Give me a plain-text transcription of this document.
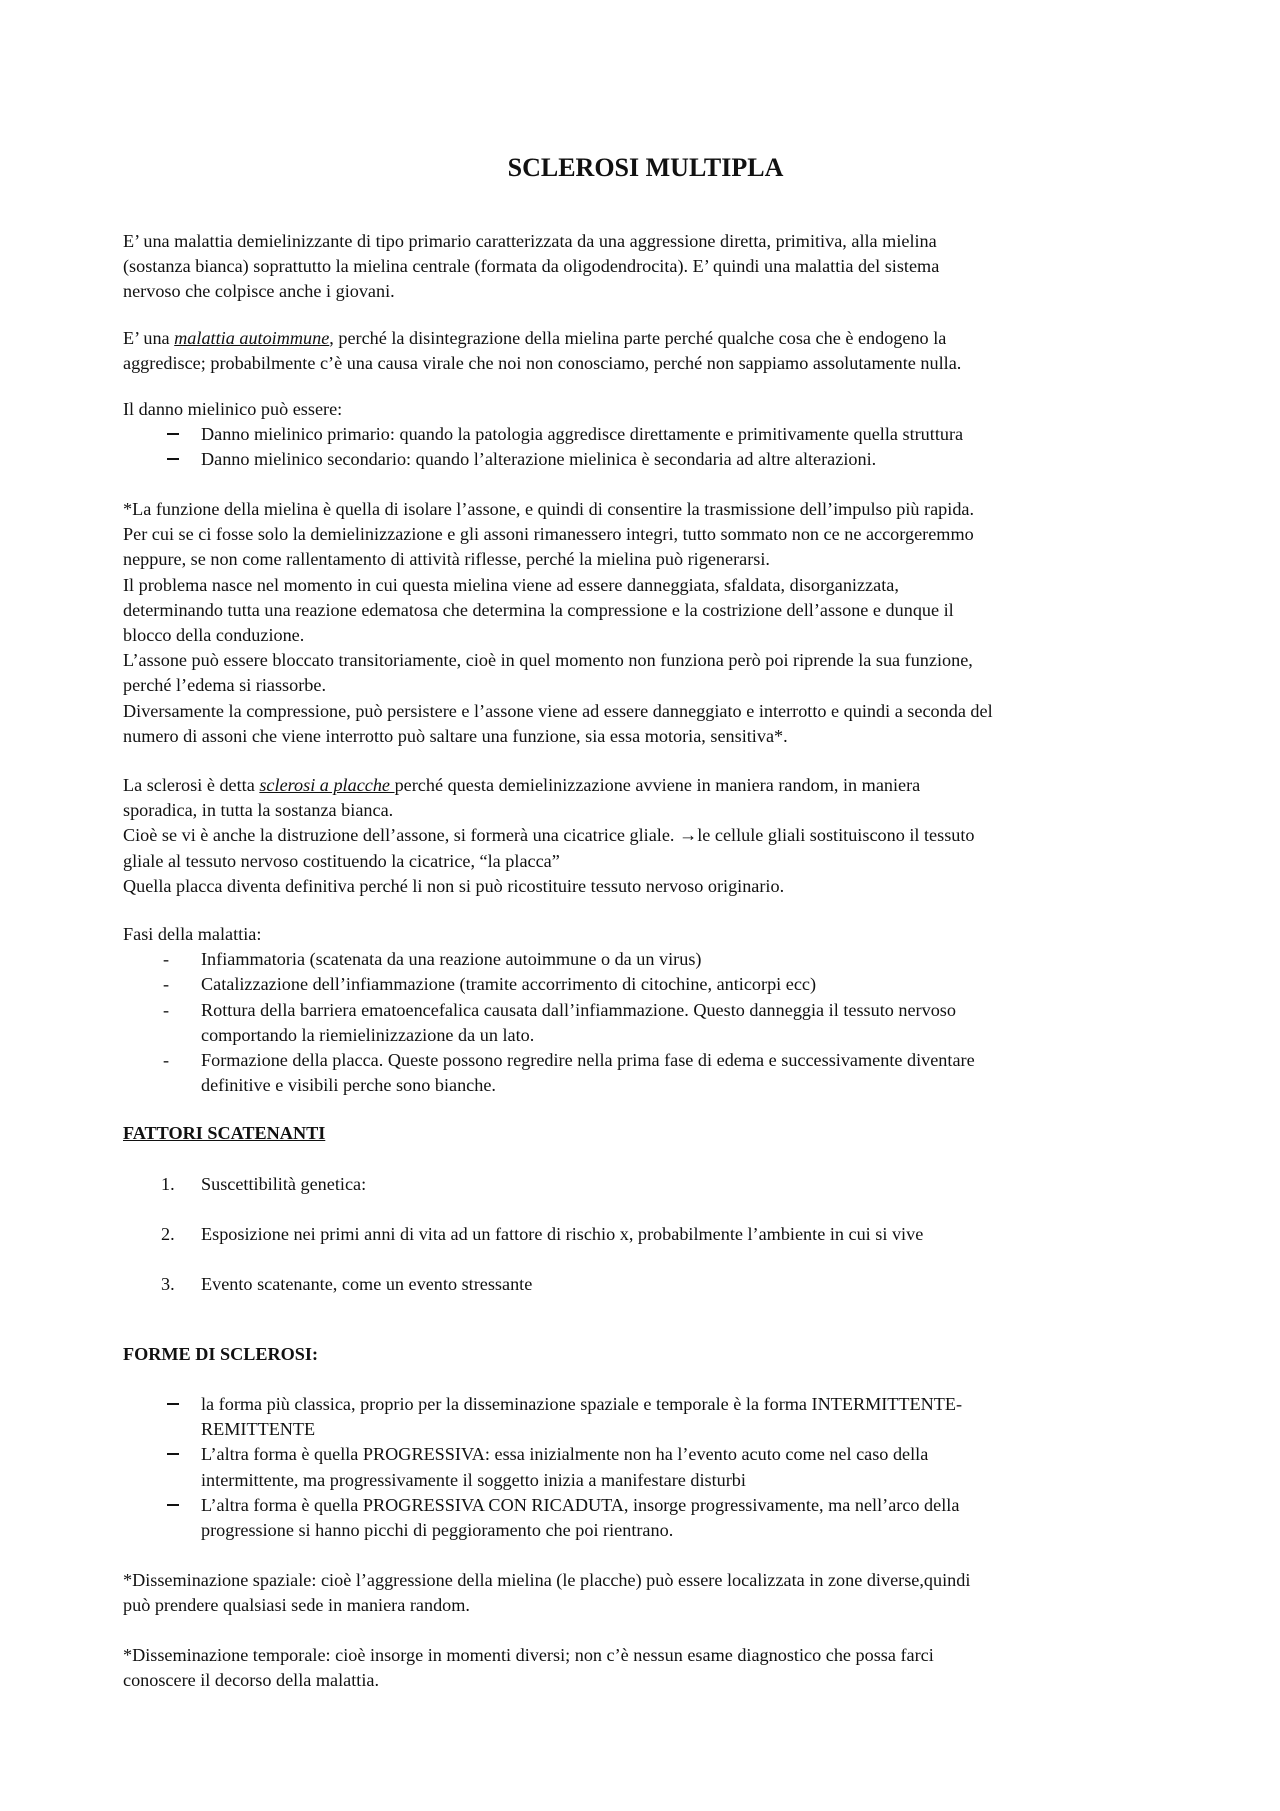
SCLEROSI MULTIPLA
E’ una malattia demielinizzante di tipo primario caratterizzata da una aggressione diretta, primitiva, alla mielina
(sostanza bianca) soprattutto la mielina centrale (formata da oligodendrocita). E’ quindi una malattia del sistema
nervoso che colpisce anche i giovani.
E’ una malattia autoimmune, perché la disintegrazione della mielina parte perché qualche cosa che è endogeno la
aggredisce; probabilmente c’è una causa virale che noi non conosciamo, perché non sappiamo assolutamente nulla.
Il danno mielinico può essere:
Danno mielinico primario: quando la patologia aggredisce direttamente e primitivamente quella struttura
Danno mielinico secondario: quando l’alterazione mielinica è secondaria ad altre alterazioni.
*La funzione della mielina è quella di isolare l’assone, e quindi di consentire la trasmissione dell’impulso più rapida.
Per cui se ci fosse solo la demielinizzazione e gli assoni rimanessero integri, tutto sommato non ce ne accorgeremmo
neppure, se non come rallentamento di attività riflesse, perché la mielina può rigenerarsi.
Il problema nasce nel momento in cui questa mielina viene ad essere danneggiata, sfaldata, disorganizzata,
determinando tutta una reazione edematosa che determina la compressione e la costrizione dell’assone e dunque il
blocco della conduzione.
L’assone può essere bloccato transitoriamente, cioè in quel momento non funziona però poi riprende la sua funzione,
perché l’edema si riassorbe.
Diversamente la compressione, può persistere e l’assone viene ad essere danneggiato e interrotto e quindi a seconda del
numero di assoni che viene interrotto può saltare una funzione, sia essa motoria, sensitiva*.
La sclerosi è detta sclerosi a placche perché questa demielinizzazione avviene in maniera random, in maniera
sporadica, in tutta la sostanza bianca.
Cioè se vi è anche la distruzione dell’assone, si formerà una cicatrice gliale. →le cellule gliali sostituiscono il tessuto
gliale al tessuto nervoso costituendo la cicatrice, “la placca”
Quella placca diventa definitiva perché li non si può ricostituire tessuto nervoso originario.
Fasi della malattia:
-	Infiammatoria (scatenata da una reazione autoimmune o da un virus)
-	Catalizzazione dell’infiammazione (tramite accorrimento di citochine, anticorpi ecc)
-	Rottura della barriera ematoencefalica causata dall’infiammazione. Questo danneggia il tessuto nervoso
comportando la riemielinizzazione da un lato.
-	Formazione della placca. Queste possono regredire nella prima fase di edema e successivamente diventare
definitive e visibili perche sono bianche.
FATTORI SCATENANTI
1. Suscettibilità genetica:
2. Esposizione nei primi anni di vita ad un fattore di rischio x, probabilmente l’ambiente in cui si vive
3. Evento scatenante, come un evento stressante
FORME DI SCLEROSI:
la forma più classica, proprio per la disseminazione spaziale e temporale è la forma INTERMITTENTE-
REMITTENTE
L’altra forma è quella PROGRESSIVA: essa inizialmente non ha l’evento acuto come nel caso della
intermittente, ma progressivamente il soggetto inizia a manifestare disturbi
L’altra forma è quella PROGRESSIVA CON RICADUTA, insorge progressivamente, ma nell’arco della
progressione si hanno picchi di peggioramento che poi rientrano.
*Disseminazione spaziale: cioè l’aggressione della mielina (le placche) può essere localizzata in zone diverse,quindi
può prendere qualsiasi sede in maniera random.
*Disseminazione temporale: cioè insorge in momenti diversi; non c’è nessun esame diagnostico che possa farci
conoscere il decorso della malattia.
